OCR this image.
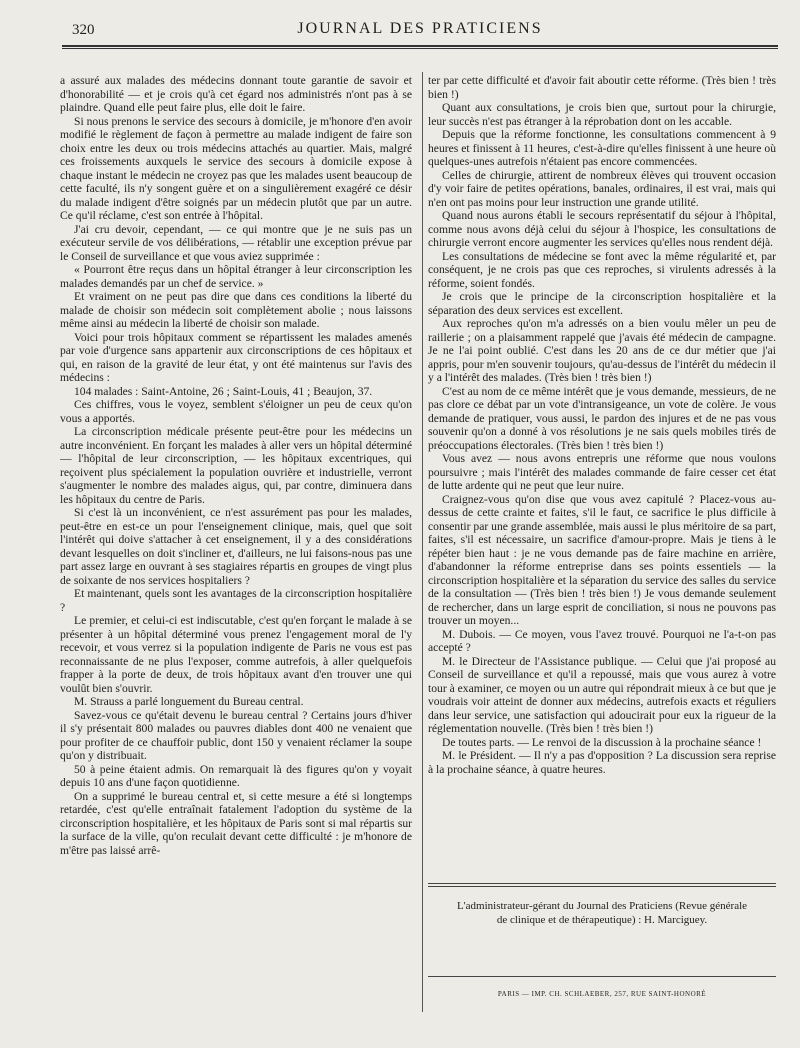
320	JOURNAL DES PRATICIENS

a assuré aux malades des médecins donnant toute garantie de savoir et d'honorabilité — et je crois qu'à cet égard nos administrés n'ont pas à se plaindre. Quand elle peut faire plus, elle doit le faire.

Si nous prenons le service des secours à domicile, je m'honore d'en avoir modifié le règlement de façon à permettre au malade indigent de faire son choix entre les deux ou trois médecins attachés au quartier. Mais, malgré ces froissements auxquels le service des secours à domicile expose à chaque instant le médecin ne croyez pas que les malades usent beaucoup de cette faculté, ils n'y songent guère et on a singulièrement exagéré ce désir du malade indigent d'être soignés par un médecin plutôt que par un autre. Ce qu'il réclame, c'est son entrée à l'hôpital.

J'ai cru devoir, cependant, — ce qui montre que je ne suis pas un exécuteur servile de vos délibérations, — rétablir une exception prévue par le Conseil de surveillance et que vous aviez supprimée :

« Pourront être reçus dans un hôpital étranger à leur circonscription les malades demandés par un chef de service. »

Et vraiment on ne peut pas dire que dans ces conditions la liberté du malade de choisir son médecin soit complètement abolie ; nous laissons même ainsi au médecin la liberté de choisir son malade.

Voici pour trois hôpitaux comment se répartissent les malades amenés par voie d'urgence sans appartenir aux circonscriptions de ces hôpitaux et qui, en raison de la gravité de leur état, y ont été maintenus sur l'avis des médecins :

104 malades : Saint-Antoine, 26 ; Saint-Louis, 41 ; Beaujon, 37.

Ces chiffres, vous le voyez, semblent s'éloigner un peu de ceux qu'on vous a apportés.

La circonscription médicale présente peut-être pour les médecins un autre inconvénient. En forçant les malades à aller vers un hôpital déterminé — l'hôpital de leur circonscription, — les hôpitaux excentriques, qui reçoivent plus spécialement la population ouvrière et industrielle, verront s'augmenter le nombre des malades aigus, qui, par contre, diminuera dans les hôpitaux du centre de Paris.

Si c'est là un inconvénient, ce n'est assurément pas pour les malades, peut-être en est-ce un pour l'enseignement clinique, mais, quel que soit l'intérêt qui doive s'attacher à cet enseignement, il y a des considérations devant lesquelles on doit s'incliner et, d'ailleurs, ne lui faisons-nous pas une part assez large en ouvrant à ses stagiaires répartis en groupes de vingt plus de soixante de nos services hospitaliers ?

Et maintenant, quels sont les avantages de la circonscription hospitalière ?

Le premier, et celui-ci est indiscutable, c'est qu'en forçant le malade à se présenter à un hôpital déterminé vous prenez l'engagement moral de l'y recevoir, et vous verrez si la population indigente de Paris ne vous est pas reconnaissante de ne plus l'exposer, comme autrefois, à aller quelquefois frapper à la porte de deux, de trois hôpitaux avant d'en trouver une qui voulût bien s'ouvrir.

M. Strauss a parlé longuement du Bureau central.

Savez-vous ce qu'était devenu le bureau central ? Certains jours d'hiver il s'y présentait 800 malades ou pauvres diables dont 400 ne venaient que pour profiter de ce chauffoir public, dont 150 y venaient réclamer la soupe qu'on y distribuait.

50 à peine étaient admis. On remarquait là des figures qu'on y voyait depuis 10 ans d'une façon quotidienne.

On a supprimé le bureau central et, si cette mesure a été si longtemps retardée, c'est qu'elle entraînait fatalement l'adoption du système de la circonscription hospitalière, et les hôpitaux de Paris sont si mal répartis sur la surface de la ville, qu'on reculait devant cette difficulté : je m'honore de m'être pas laissé arrê-

ter par cette difficulté et d'avoir fait aboutir cette réforme. (Très bien ! très bien !)

Quant aux consultations, je crois bien que, surtout pour la chirurgie, leur succès n'est pas étranger à la réprobation dont on les accable.

Depuis que la réforme fonctionne, les consultations commencent à 9 heures et finissent à 11 heures, c'est-à-dire qu'elles finissent à une heure où quelques-unes autrefois n'étaient pas encore commencées.

Celles de chirurgie, attirent de nombreux élèves qui trouvent occasion d'y voir faire de petites opérations, banales, ordinaires, il est vrai, mais qui n'en ont pas moins pour leur instruction une grande utilité.

Quand nous aurons établi le secours représentatif du séjour à l'hôpital, comme nous avons déjà celui du séjour à l'hospice, les consultations de chirurgie verront encore augmenter les services qu'elles nous rendent déjà.

Les consultations de médecine se font avec la même régularité et, par conséquent, je ne crois pas que ces reproches, si virulents adressés à la réforme, soient fondés.

Je crois que le principe de la circonscription hospitalière et la séparation des deux services est excellent.

Aux reproches qu'on m'a adressés on a bien voulu mêler un peu de raillerie ; on a plaisamment rappelé que j'avais été médecin de campagne. Je ne l'ai point oublié. C'est dans les 20 ans de ce dur métier que j'ai appris, pour m'en souvenir toujours, qu'au-dessus de l'intérêt du médecin il y a l'intérêt des malades. (Très bien ! très bien !)

C'est au nom de ce même intérêt que je vous demande, messieurs, de ne pas clore ce débat par un vote d'intransigeance, un vote de colère. Je vous demande de pratiquer, vous aussi, le pardon des injures et de ne pas vous souvenir qu'on a donné à vos résolutions je ne sais quels mobiles tirés de préoccupations électorales. (Très bien ! très bien !)

Vous avez — nous avons entrepris une réforme que nous voulons poursuivre ; mais l'intérêt des malades commande de faire cesser cet état de lutte ardente qui ne peut que leur nuire.

Craignez-vous qu'on dise que vous avez capitulé ? Placez-vous au-dessus de cette crainte et faites, s'il le faut, ce sacrifice le plus difficile à consentir par une grande assemblée, mais aussi le plus méritoire de sa part, faites, s'il est nécessaire, un sacrifice d'amour-propre. Mais je tiens à le répéter bien haut : je ne vous demande pas de faire machine en arrière, d'abandonner la réforme entreprise dans ses points essentiels — la circonscription hospitalière et la séparation du service des salles du service de la consultation — (Très bien ! très bien !) Je vous demande seulement de rechercher, dans un large esprit de conciliation, si nous ne pouvons pas trouver un moyen...

M. Dubois. — Ce moyen, vous l'avez trouvé. Pourquoi ne l'a-t-on pas accepté ?

M. le Directeur de l'Assistance publique. — Celui que j'ai proposé au Conseil de surveillance et qu'il a repoussé, mais que vous aurez à votre tour à examiner, ce moyen ou un autre qui répondrait mieux à ce but que je voudrais voir atteint de donner aux médecins, autrefois exacts et réguliers dans leur service, une satisfaction qui adoucirait pour eux la rigueur de la réglementation nouvelle. (Très bien ! très bien !)

De toutes parts. — Le renvoi de la discussion à la prochaine séance !

M. le Président. — Il n'y a pas d'opposition ? La discussion sera reprise à la prochaine séance, à quatre heures.

L'administrateur-gérant du Journal des Praticiens (Revue générale
de clinique et de thérapeutique) : H. Marciguey.
PARIS — IMP. CH. SCHLAEBER, 257, RUE SAINT-HONORÉ
